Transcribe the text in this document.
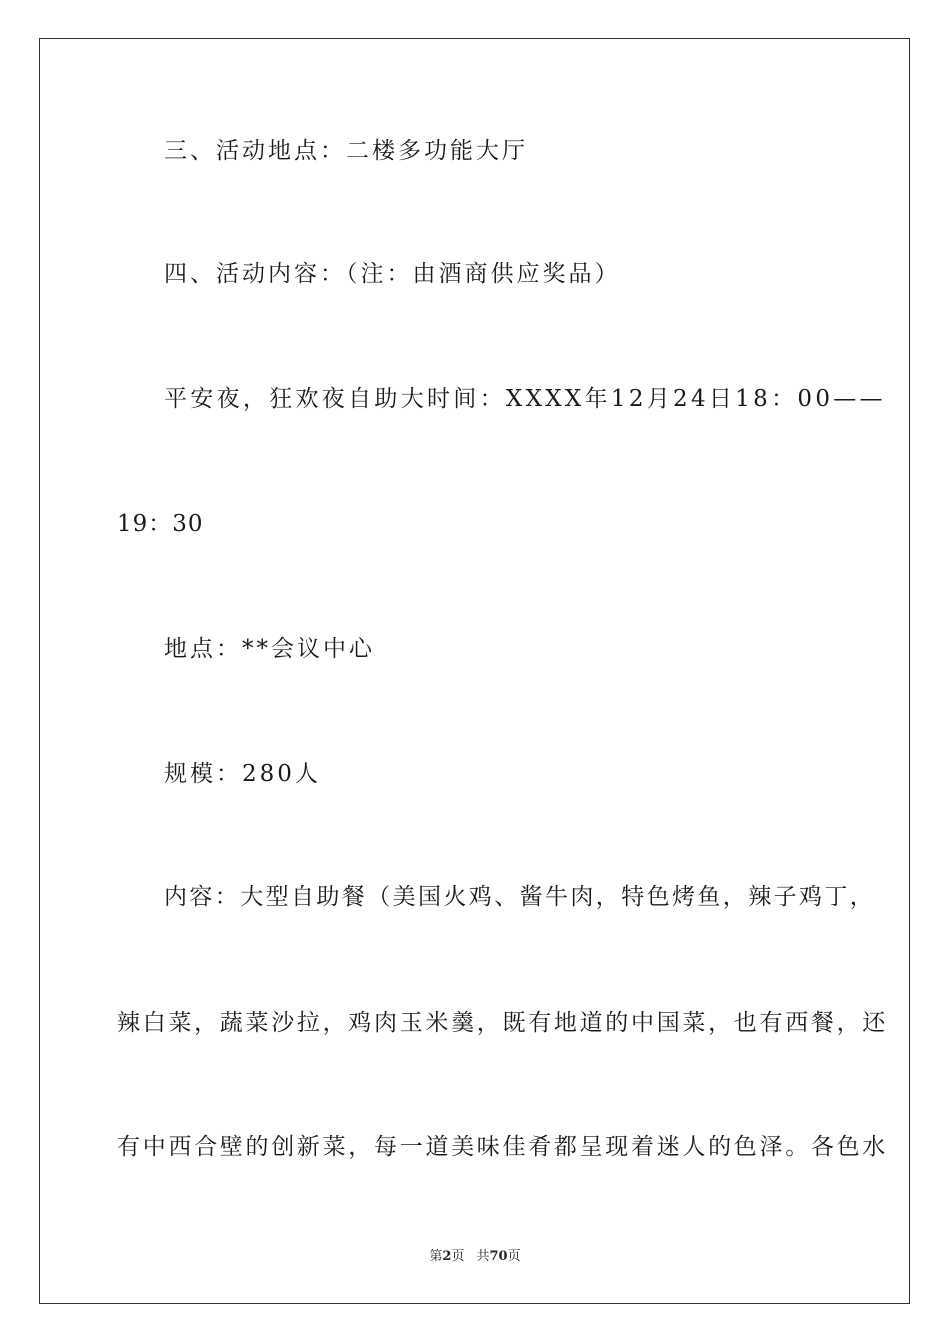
三、活动地点：二楼多功能大厅
四、活动内容：（注：由酒商供应奖品）
平安夜，狂欢夜自助大时间：XXXX年12月24日18：00——
19：30
地点：**会议中心
规模：280人
内容：大型自助餐（美国火鸡、酱牛肉，特色烤鱼，辣子鸡丁，
辣白菜，蔬菜沙拉，鸡肉玉米羹，既有地道的中国菜，也有西餐，还
有中西合壁的创新菜，每一道美味佳肴都呈现着迷人的色泽。各色水
第2页 共70页
